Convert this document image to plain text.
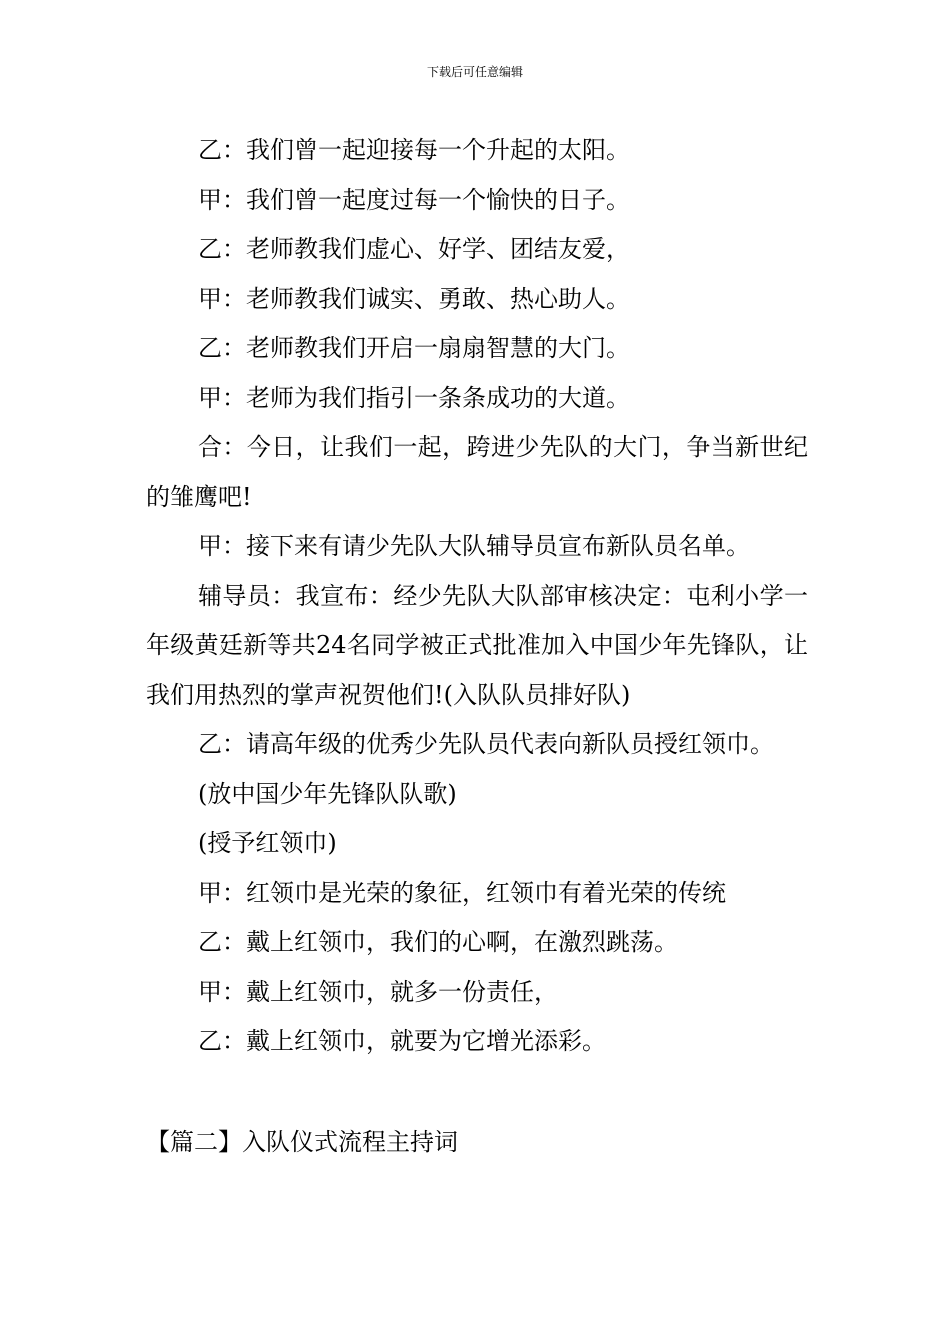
下载后可任意编辑

乙：我们曾一起迎接每一个升起的太阳。

甲：我们曾一起度过每一个愉快的日子。

乙：老师教我们虚心、好学、团结友爱，

甲：老师教我们诚实、勇敢、热心助人。

乙：老师教我们开启一扇扇智慧的大门。

甲：老师为我们指引一条条成功的大道。

合：今日，让我们一起，跨进少先队的大门，争当新世纪的雏鹰吧!

甲：接下来有请少先队大队辅导员宣布新队员名单。

辅导员：我宣布：经少先队大队部审核决定：屯利小学一年级黄廷新等共24名同学被正式批准加入中国少年先锋队，让我们用热烈的掌声祝贺他们!(入队队员排好队)

乙：请高年级的优秀少先队员代表向新队员授红领巾。

(放中国少年先锋队队歌)

(授予红领巾)

甲：红领巾是光荣的象征，红领巾有着光荣的传统

乙：戴上红领巾，我们的心啊，在激烈跳荡。

甲：戴上红领巾，就多一份责任，

乙：戴上红领巾，就要为它增光添彩。

【篇二】入队仪式流程主持词
